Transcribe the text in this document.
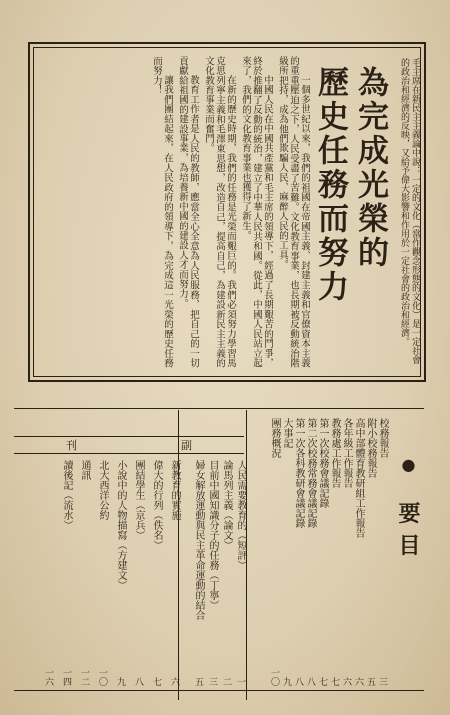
毛主席在新民主主義論中說：一定的文化（當作觀念形態的文化）是一定社會的政治和經濟的反映，又給予偉大影響和作用於一定社會的政治和經濟。
為完成光榮的
歷史任務而努力

一個多世紀以來，我們的祖國在帝國主義、封建主義和官僚資本主義的重重壓迫之下，人民受盡了苦難。文化教育事業，也長期被反動統治階級所把持，成為他們欺騙人民、麻醉人民的工具。

中國人民在中國共產黨和毛主席的領導下，經過了長期艱苦的鬥爭，終於推翻了反動的統治，建立了中華人民共和國。從此，中國人民站立起來了，我們的文化教育事業也獲得了新生。

在新的歷史時期，我們的任務是光榮而艱巨的。我們必須努力學習馬克思列寧主義和毛澤東思想，改造自己，提高自己，為建設新民主主義的文化教育事業而奮鬥。

教育工作者是人民的教師，應當全心全意為人民服務，把自己的一切貢獻給祖國的建設事業，為培養新中國的建設人才而努力。

讓我們團結起來，在人民政府的領導下，為完成這一光榮的歷史任務而努力！

● 要目
刊	副	校務報告
三
附小校務報告
五
高中部體育教研組工作報告
六
各年級工作報告
六
教務處工作報告
七
第一次校務會議記錄
七
第二次校務常務會議記錄
八
第一次各科教研會議記錄
八
大事記
九
團務概況
一〇
人民需要教育的（短評）
一
論馬列主義（論文）
二
目前中國知識分子的任務（丁寧）
三
婦女解放運動與民主革命運動的結合
五
新教育的實施
六
偉大的行列（佚名）
七
團結學生（京兵）
八
小說中的人物描寫（方建文）
九
北大西洋公約
一〇
通訊
一二
讀後記（流水）
一四
一六
